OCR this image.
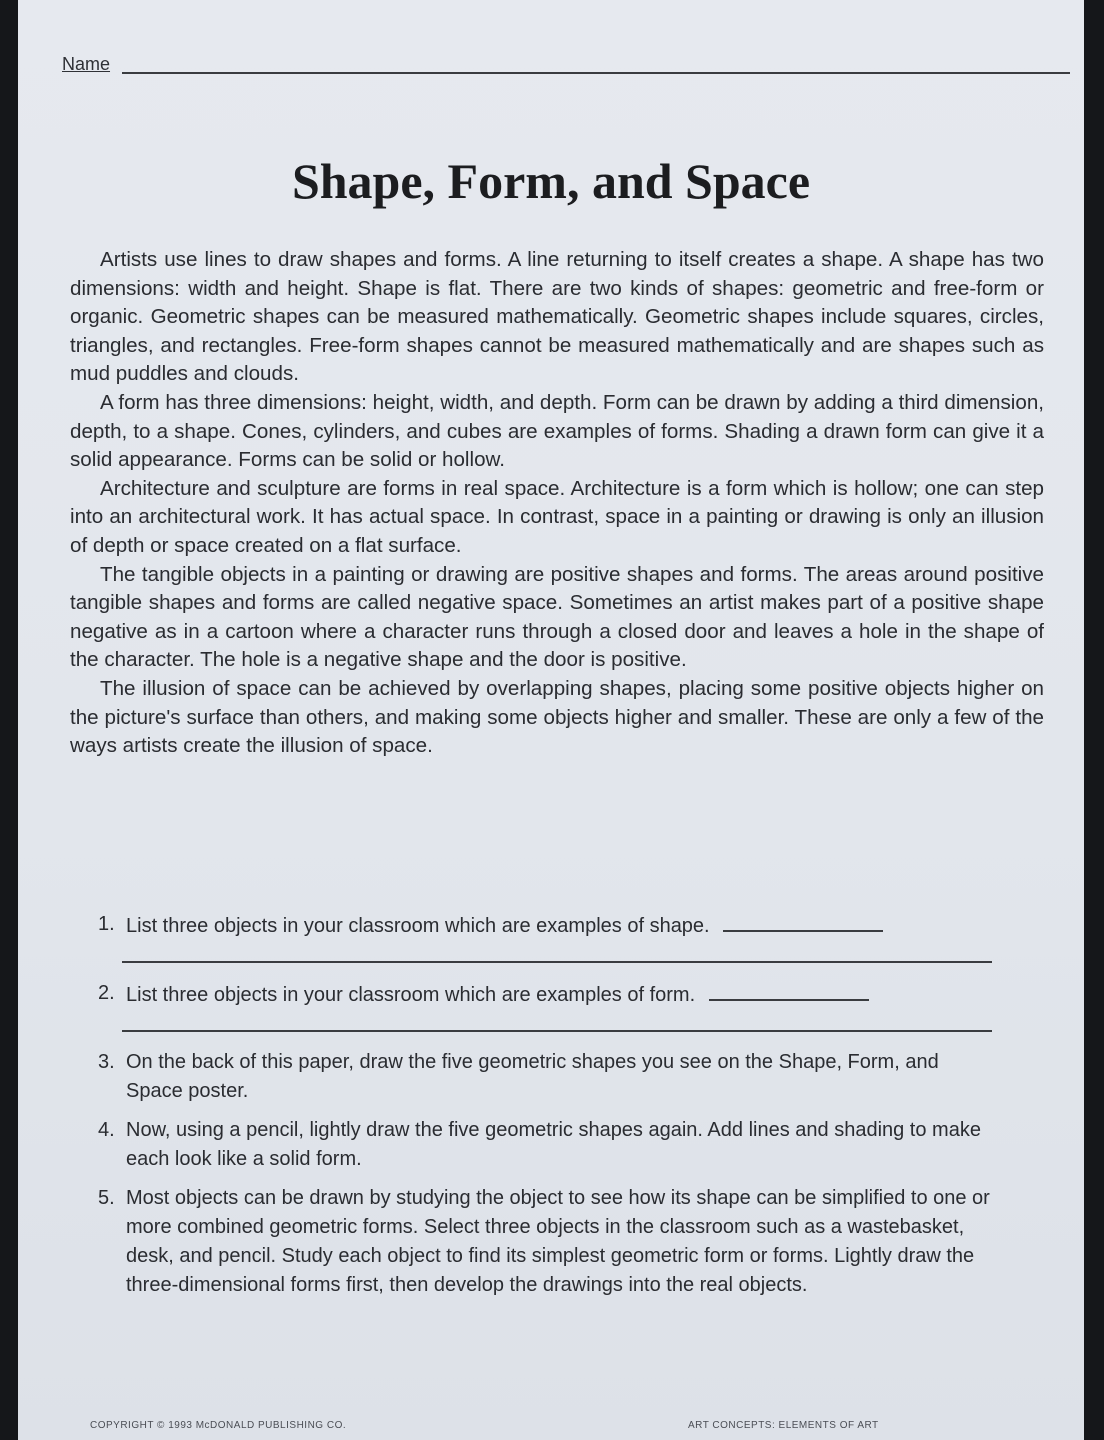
Name
Shape, Form, and Space

Artists use lines to draw shapes and forms. A line returning to itself creates a shape. A shape has two dimensions: width and height. Shape is flat. There are two kinds of shapes: geometric and free-form or organic. Geometric shapes can be measured mathematically. Geometric shapes include squares, circles, triangles, and rectangles. Free-form shapes cannot be measured mathematically and are shapes such as mud puddles and clouds.

A form has three dimensions: height, width, and depth. Form can be drawn by adding a third dimension, depth, to a shape. Cones, cylinders, and cubes are examples of forms. Shading a drawn form can give it a solid appearance. Forms can be solid or hollow.

Architecture and sculpture are forms in real space. Architecture is a form which is hollow; one can step into an architectural work. It has actual space. In contrast, space in a painting or drawing is only an illusion of depth or space created on a flat surface.

The tangible objects in a painting or drawing are positive shapes and forms. The areas around positive tangible shapes and forms are called negative space. Sometimes an artist makes part of a positive shape negative as in a cartoon where a character runs through a closed door and leaves a hole in the shape of the character. The hole is a negative shape and the door is positive.

The illusion of space can be achieved by overlapping shapes, placing some positive objects higher on the picture's surface than others, and making some objects higher and smaller. These are only a few of the ways artists create the illusion of space.

1. List three objects in your classroom which are examples of shape.
2. List three objects in your classroom which are examples of form.
3. On the back of this paper, draw the five geometric shapes you see on the Shape, Form, and Space poster.
4. Now, using a pencil, lightly draw the five geometric shapes again. Add lines and shading to make each look like a solid form.
5. Most objects can be drawn by studying the object to see how its shape can be simplified to one or more combined geometric forms. Select three objects in the classroom such as a wastebasket, desk, and pencil. Study each object to find its simplest geometric form or forms. Lightly draw the three-dimensional forms first, then develop the drawings into the real objects.
COPYRIGHT © 1993 McDONALD PUBLISHING CO.	ART CONCEPTS: ELEMENTS OF ART
